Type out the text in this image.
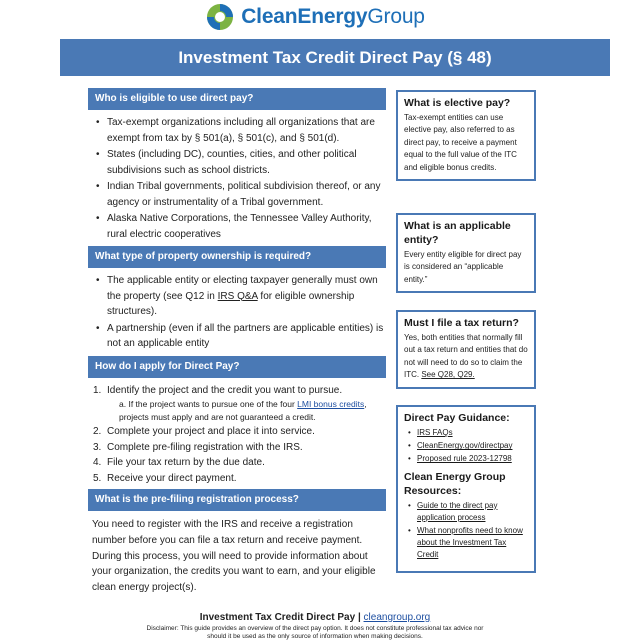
CleanEnergyGroup
Investment Tax Credit Direct Pay (§ 48)
Who is eligible to use direct pay?
• Tax-exempt organizations including all organizations that are exempt from tax by § 501(a), § 501(c), and § 501(d).
• States (including DC), counties, cities, and other political subdivisions such as school districts.
• Indian Tribal governments, political subdivision thereof, or any agency or instrumentality of a Tribal government.
• Alaska Native Corporations, the Tennessee Valley Authority, rural electric cooperatives
What type of property ownership is required?
• The applicable entity or electing taxpayer generally must own the property (see Q12 in IRS Q&A for eligible ownership structures).
• A partnership (even if all the partners are applicable entities) is not an applicable entity
How do I apply for Direct Pay?
1. Identify the project and the credit you want to pursue.
a. If the project wants to pursue one of the four LMI bonus credits, projects must apply and are not guaranteed a credit.
2. Complete your project and place it into service.
3. Complete pre-filing registration with the IRS.
4. File your tax return by the due date.
5. Receive your direct payment.
What is the pre-filing registration process?

You need to register with the IRS and receive a registration number before you can file a tax return and receive payment. During this process, you will need to provide information about your organization, the credits you want to earn, and your eligible clean energy project(s).

What is elective pay?

Tax-exempt entities can use elective pay, also referred to as direct pay, to receive a payment equal to the full value of the ITC and eligible bonus credits.

What is an applicable entity?

Every entity eligible for direct pay is considered an “applicable entity.”

Must I file a tax return?

Yes, both entities that normally fill out a tax return and entities that do not will need to do so to claim the ITC. See Q28, Q29.

Direct Pay Guidance:
• IRS FAQs
• CleanEnergy.gov/directpay
• Proposed rule 2023-12798
Clean Energy Group Resources:
• Guide to the direct pay application process
• What nonprofits need to know about the Investment Tax Credit
Investment Tax Credit Direct Pay | cleangroup.org
Disclaimer: This guide provides an overview of the direct pay option. It does not constitute professional tax advice nor should it be used as the only source of information when making decisions.
